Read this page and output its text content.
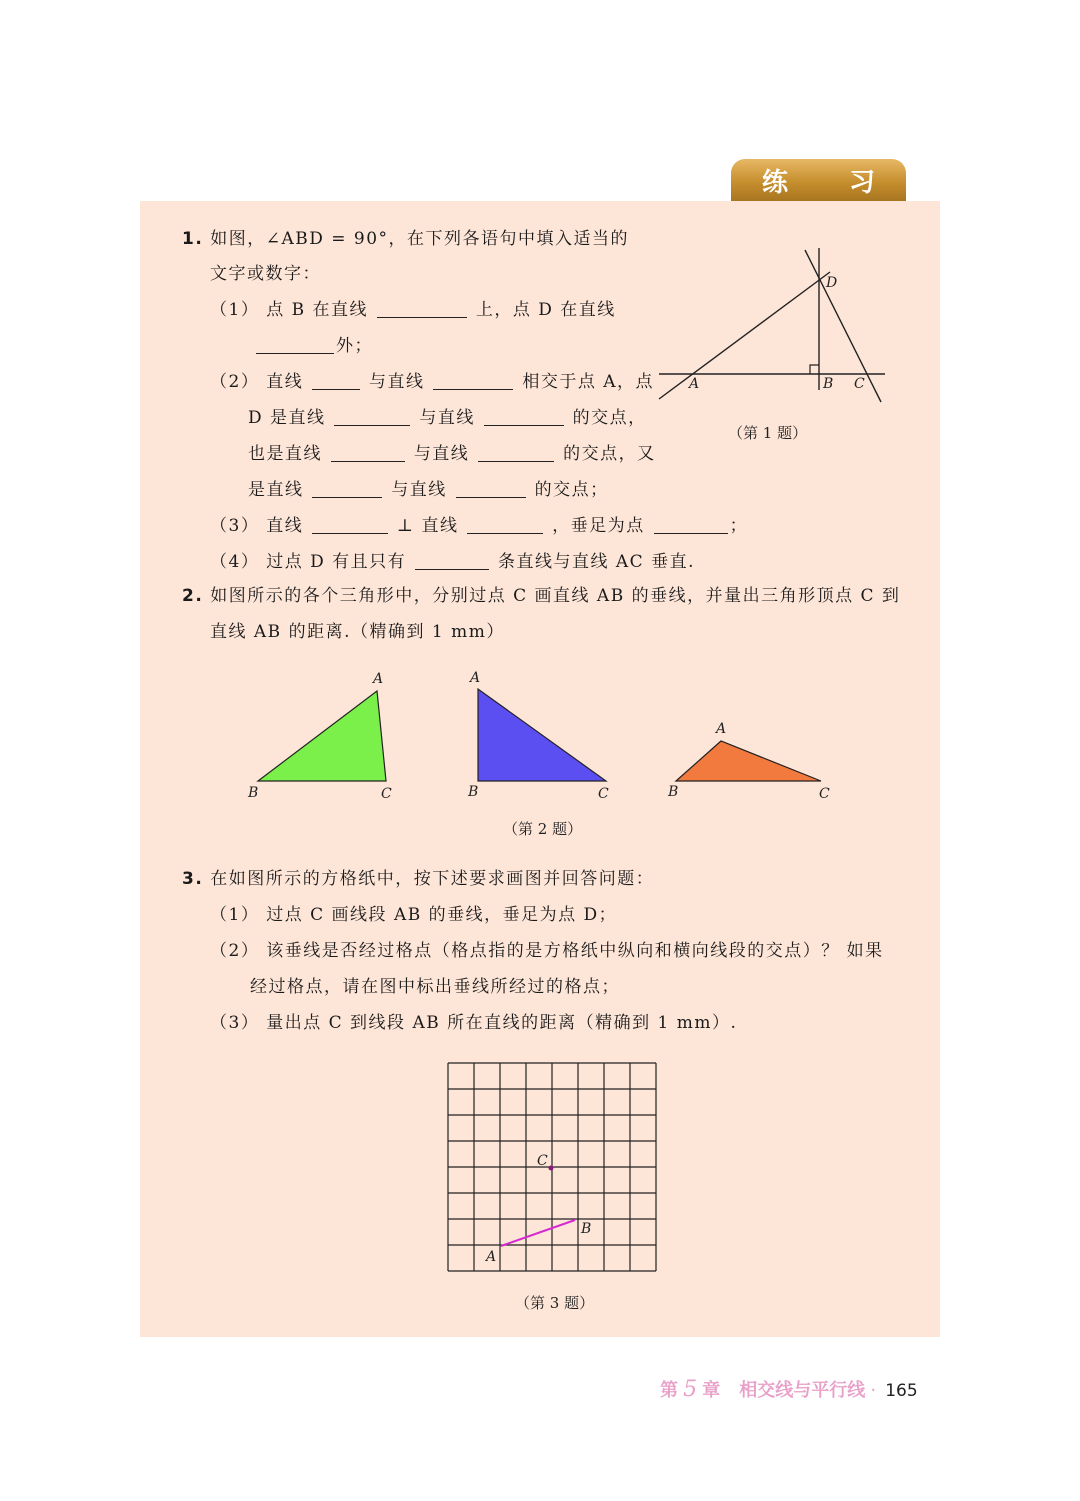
练 习
1. 如图，∠ABD = 90°，在下列各语句中填入适当的
文字或数字：
（1） 点 B 在直线	上，点 D 在直线
外；
（2） 直线	与直线	相交于点 A，点
D 是直线	与直线	的交点，
也是直线	与直线	的交点，又
是直线	与直线	的交点；
（3） 直线	⊥ 直线	，垂足为点	；
（4） 过点 D 有且只有	条直线与直线 AC 垂直.
A	B C
D
（第 1 题）
2. 如图所示的各个三角形中，分别过点 C 画直线 AB 的垂线，并量出三角形顶点 C 到
直线 AB 的距离.（精确到 1 mm）
A
B	C
A
B	C
A
B	C
（第 2 题）
3. 在如图所示的方格纸中，按下述要求画图并回答问题：
（1） 过点 C 画线段 AB 的垂线，垂足为点 D；
（2） 该垂线是否经过格点（格点指的是方格纸中纵向和横向线段的交点）？ 如果
经过格点，请在图中标出垂线所经过的格点；
（3） 量出点 C 到线段 AB 所在直线的距离（精确到 1 mm）.
C
B
A
（第 3 题）
第 5 章 相交线与平行线 · 165
